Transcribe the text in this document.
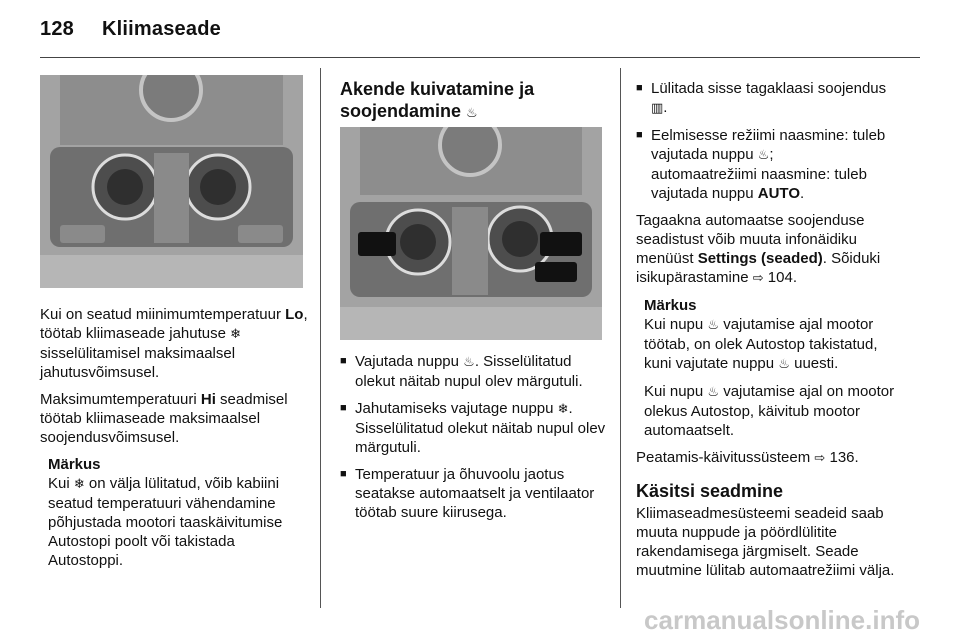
128 Kliimaseade

Kui on seatud miinimumtemperatuur Lo, töötab kliimaseade jahutuse ❄ sisselülitamisel maksimaalsel jahutusvõimsusel.

Maksimumtemperatuuri Hi seadmisel töötab kliimaseade maksimaalsel soojendusvõimsusel.

Märkus
Kui ❄ on välja lülitatud, võib kabiini seatud temperatuuri vähendamine põhjustada mootori taaskäivitumise Autostopi poolt või takistada Autostoppi.
Akende kuivatamine ja soojendamine ♨
■ Vajutada nuppu ♨. Sisselülitatud olekut näitab nupul olev märgutuli.
■ Jahutamiseks vajutage nuppu ❄. Sisselülitatud olekut näitab nupul olev märgutuli.
■ Temperatuur ja õhuvoolu jaotus seatakse automaatselt ja ventilaator töötab suure kiirusega.
■ Lülitada sisse tagaklaasi soojendus ▥.
■ Eelmisesse režiimi naasmine: tuleb vajutada nuppu ♨;
automaatrežiimi naasmine: tuleb vajutada nuppu AUTO.

Tagaakna automaatse soojenduse seadistust võib muuta infonäidiku menüüst Settings (seaded). Sõiduki isikupärastamine ⇨ 104.

Märkus

Kui nupu ♨ vajutamise ajal mootor töötab, on olek Autostop takistatud, kuni vajutate nuppu ♨ uuesti.

Kui nupu ♨ vajutamise ajal on mootor olekus Autostop, käivitub mootor automaatselt.

Peatamis-käivitussüsteem ⇨ 136.

Käsitsi seadmine

Kliimaseadmesüsteemi seadeid saab muuta nuppude ja pöördlülitite rakendamisega järgmiselt. Seade muutmine lülitab automaatrežiimi välja.

carmanualsonline.info
